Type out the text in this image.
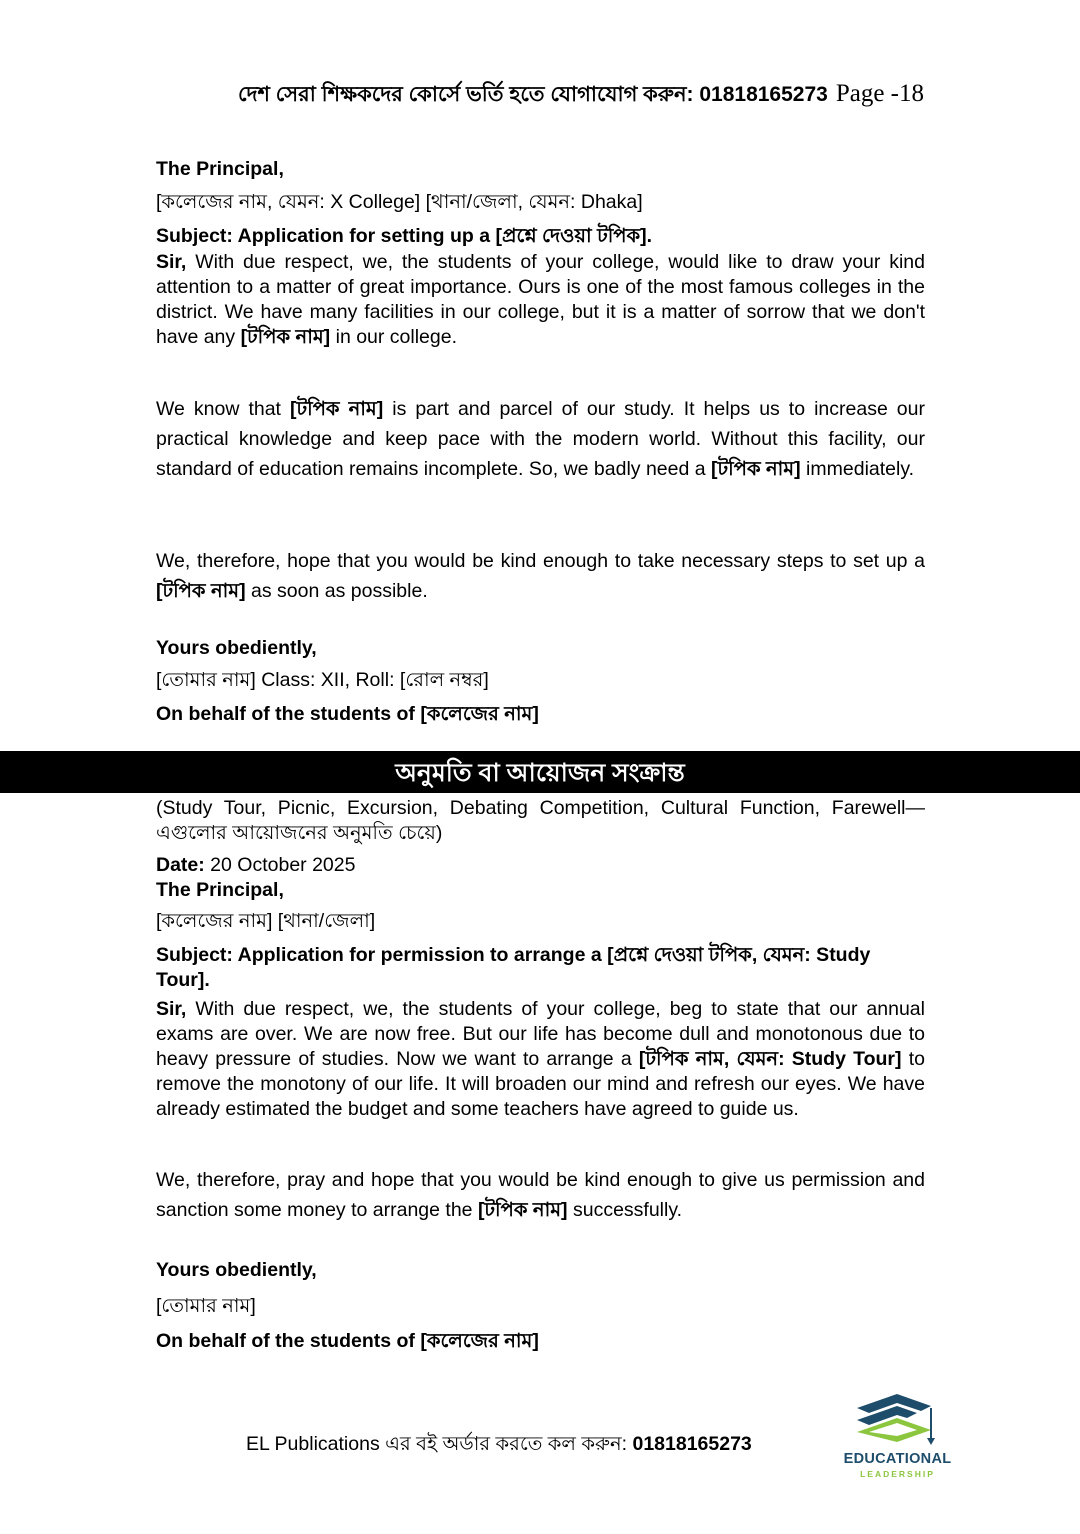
দেশ সেরা শিক্ষকদের কোর্সে ভর্তি হতে যোগাযোগ করুন: 01818165273 Page -18
The Principal,
[কলেজের নাম, যেমন: X College] [থানা/জেলা, যেমন: Dhaka]
Subject: Application for setting up a [প্রশ্নে দেওয়া টপিক].

Sir, With due respect, we, the students of your college, would like to draw your kind attention to a matter of great importance. Ours is one of the most famous colleges in the district. We have many facilities in our college, but it is a matter of sorrow that we don't have any [টপিক নাম] in our college.

We know that [টপিক নাম] is part and parcel of our study. It helps us to increase our practical knowledge and keep pace with the modern world. Without this facility, our standard of education remains incomplete. So, we badly need a [টপিক নাম] immediately.

We, therefore, hope that you would be kind enough to take necessary steps to set up a [টপিক নাম] as soon as possible.

Yours obediently,
[তোমার নাম] Class: XII, Roll: [রোল নম্বর]
On behalf of the students of [কলেজের নাম]
অনুমতি বা আয়োজন সংক্রান্ত

(Study Tour, Picnic, Excursion, Debating Competition, Cultural Function, Farewell—এগুলোর আয়োজনের অনুমতি চেয়ে)

Date: 20 October 2025
The Principal,
[কলেজের নাম] [থানা/জেলা]

Subject: Application for permission to arrange a [প্রশ্নে দেওয়া টপিক, যেমন: Study Tour].

Sir, With due respect, we, the students of your college, beg to state that our annual exams are over. We are now free. But our life has become dull and monotonous due to heavy pressure of studies. Now we want to arrange a [টপিক নাম, যেমন: Study Tour] to remove the monotony of our life. It will broaden our mind and refresh our eyes. We have already estimated the budget and some teachers have agreed to guide us.

We, therefore, pray and hope that you would be kind enough to give us permission and sanction some money to arrange the [টপিক নাম] successfully.

Yours obediently,
[তোমার নাম]
On behalf of the students of [কলেজের নাম]
EL Publications এর বই অর্ডার করতে কল করুন: 01818165273
EDUCATIONAL
LEADERSHIP
